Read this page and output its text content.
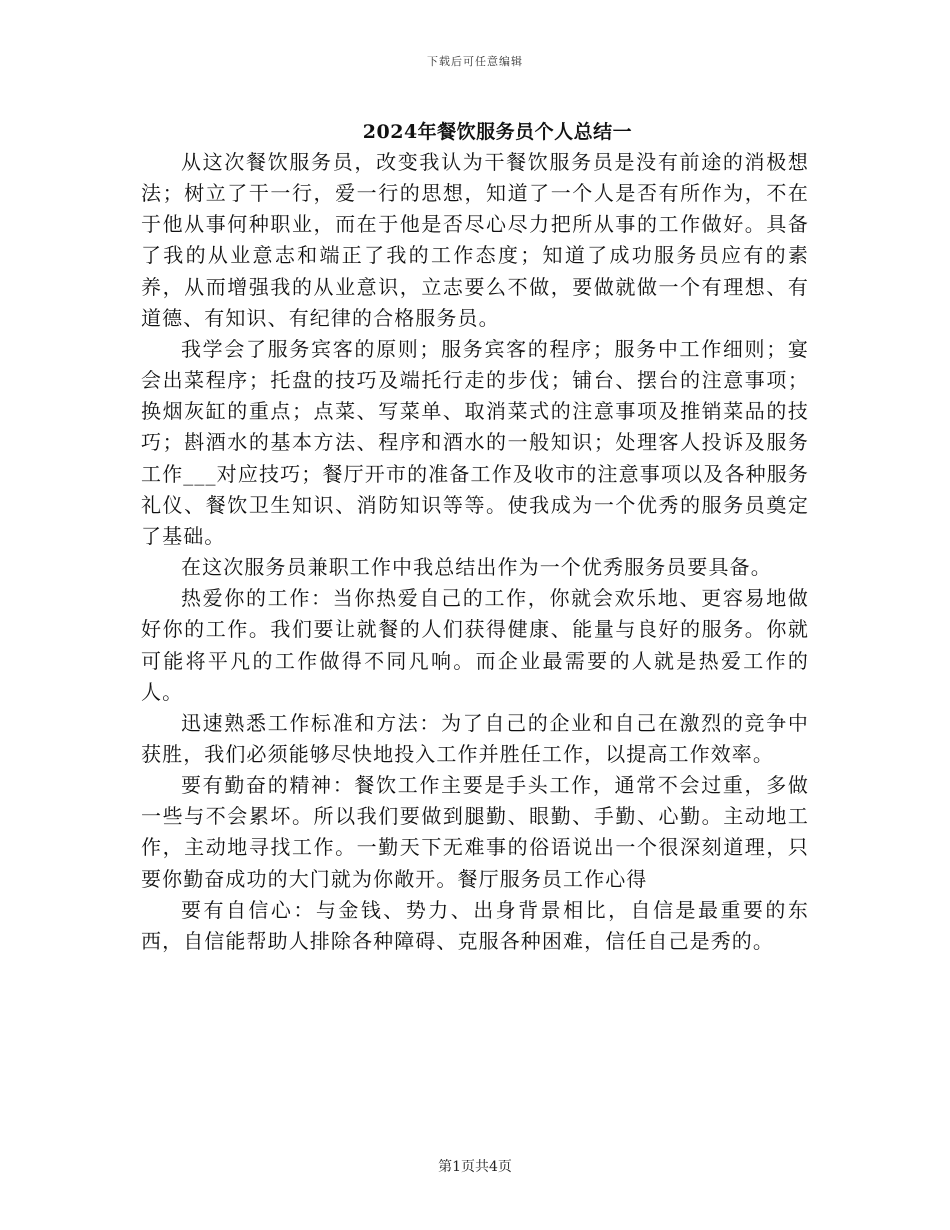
下载后可任意编辑
2024年餐饮服务员个人总结一

从这次餐饮服务员，改变我认为干餐饮服务员是没有前途的消极想法；树立了干一行，爱一行的思想，知道了一个人是否有所作为，不在于他从事何种职业，而在于他是否尽心尽力把所从事的工作做好。具备了我的从业意志和端正了我的工作态度；知道了成功服务员应有的素养，从而增强我的从业意识，立志要么不做，要做就做一个有理想、有道德、有知识、有纪律的合格服务员。

我学会了服务宾客的原则；服务宾客的程序；服务中工作细则；宴会出菜程序；托盘的技巧及端托行走的步伐；铺台、摆台的注意事项；换烟灰缸的重点；点菜、写菜单、取消菜式的注意事项及推销菜品的技巧；斟酒水的基本方法、程序和酒水的一般知识；处理客人投诉及服务工作___对应技巧；餐厅开市的准备工作及收市的注意事项以及各种服务礼仪、餐饮卫生知识、消防知识等等。使我成为一个优秀的服务员奠定了基础。

在这次服务员兼职工作中我总结出作为一个优秀服务员要具备。

热爱你的工作：当你热爱自己的工作，你就会欢乐地、更容易地做好你的工作。我们要让就餐的人们获得健康、能量与良好的服务。你就可能将平凡的工作做得不同凡响。而企业最需要的人就是热爱工作的人。

迅速熟悉工作标准和方法：为了自己的企业和自己在激烈的竞争中获胜，我们必须能够尽快地投入工作并胜任工作，以提高工作效率。

要有勤奋的精神：餐饮工作主要是手头工作，通常不会过重，多做一些与不会累坏。所以我们要做到腿勤、眼勤、手勤、心勤。主动地工作，主动地寻找工作。一勤天下无难事的俗语说出一个很深刻道理，只要你勤奋成功的大门就为你敞开。餐厅服务员工作心得

要有自信心：与金钱、势力、出身背景相比，自信是最重要的东西，自信能帮助人排除各种障碍、克服各种困难，信任自己是秀的。

第1页共4页
